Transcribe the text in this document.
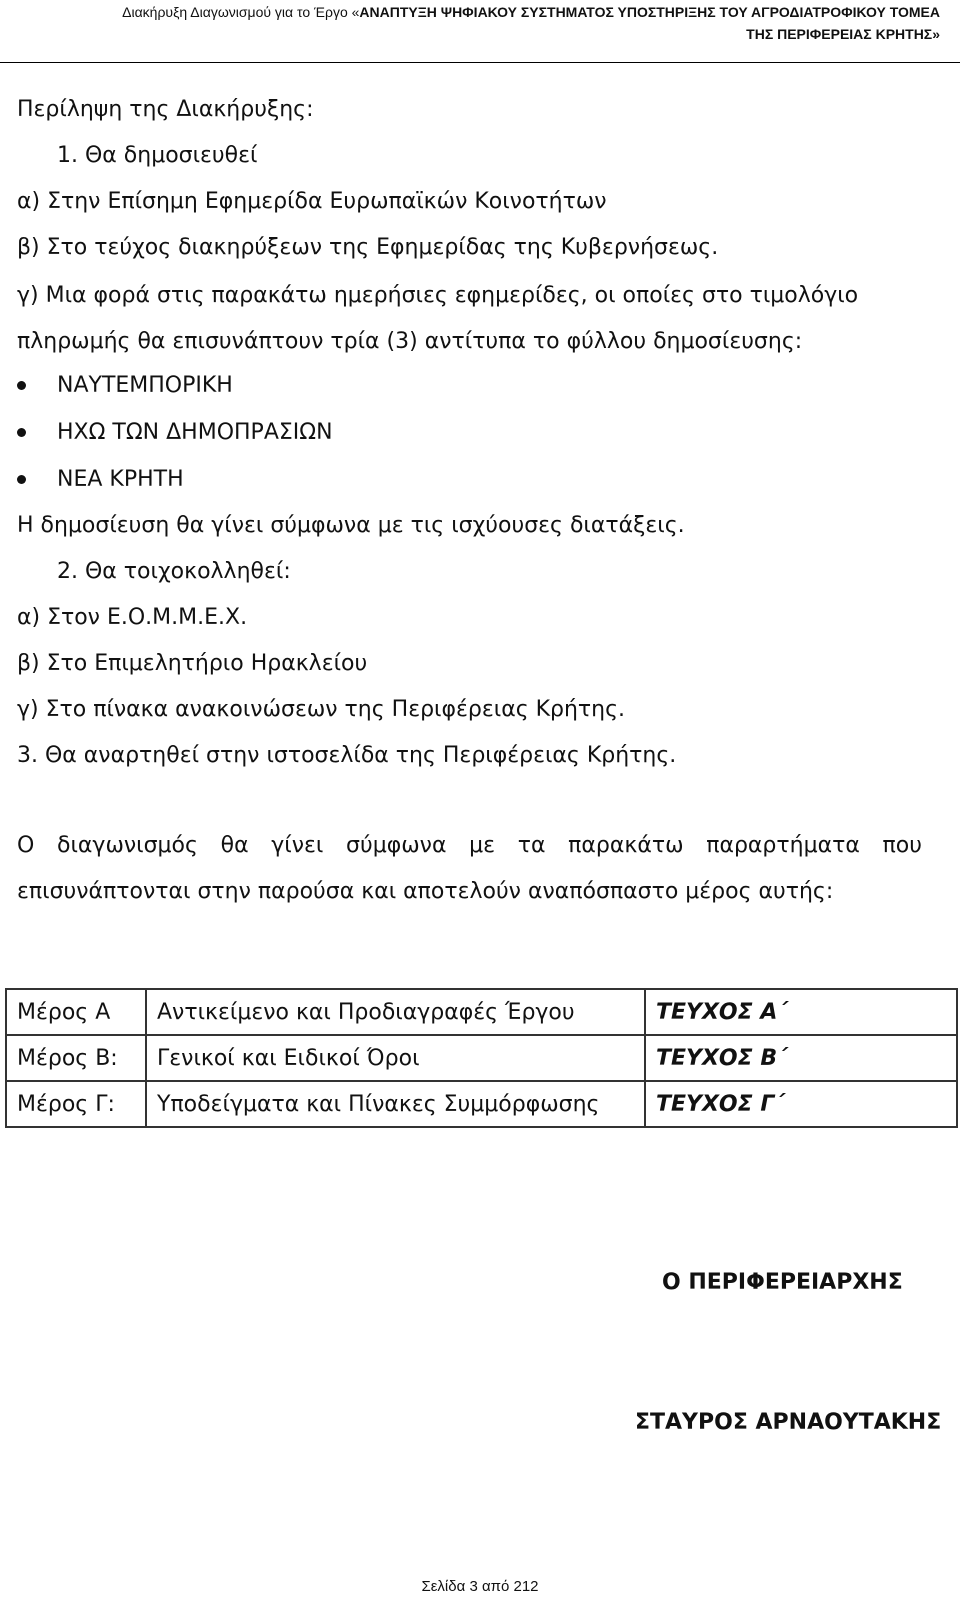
Διακήρυξη Διαγωνισμού για το Έργο «ΑΝΑΠΤΥΞΗ ΨΗΦΙΑΚΟΥ ΣΥΣΤΗΜΑΤΟΣ ΥΠΟΣΤΗΡΙΞΗΣ ΤΟΥ ΑΓΡΟΔΙΑΤΡΟΦΙΚΟΥ ΤΟΜΕΑ
ΤΗΣ ΠΕΡΙΦΕΡΕΙΑΣ ΚΡΗΤΗΣ»
Περίληψη της Διακήρυξης:
1. Θα δημοσιευθεί
α) Στην Επίσημη Εφημερίδα Ευρωπαϊκών Κοινοτήτων
β) Στο τεύχος διακηρύξεων της Εφημερίδας της Κυβερνήσεως.
γ) Μια φορά στις παρακάτω ημερήσιες εφημερίδες, οι οποίες στο τιμολόγιο
πληρωμής θα επισυνάπτουν τρία (3) αντίτυπα το φύλλου δημοσίευσης:
ΝΑΥΤΕΜΠΟΡΙΚΗ
ΗΧΩ ΤΩΝ ΔΗΜΟΠΡΑΣΙΩΝ
ΝΕΑ ΚΡΗΤΗ
Η δημοσίευση θα γίνει σύμφωνα με τις ισχύουσες διατάξεις.
2. Θα τοιχοκολληθεί:
α) Στον Ε.Ο.Μ.Μ.Ε.Χ.
β) Στο Επιμελητήριο Ηρακλείου
γ) Στο πίνακα ανακοινώσεων της Περιφέρειας Κρήτης.
3. Θα αναρτηθεί στην ιστοσελίδα της Περιφέρειας Κρήτης.
Ο διαγωνισμός θα γίνει σύμφωνα με τα παρακάτω παραρτήματα που
επισυνάπτονται στην παρούσα και αποτελούν αναπόσπαστο μέρος αυτής:
Μέρος Α	Αντικείμενο και Προδιαγραφές Έργου	ΤΕΥΧΟΣ Α΄
Μέρος Β:	Γενικοί και Ειδικοί Όροι	ΤΕΥΧΟΣ Β΄
Μέρος Γ:	Υποδείγματα και Πίνακες Συμμόρφωσης	ΤΕΥΧΟΣ Γ΄
Ο ΠΕΡΙΦΕΡΕΙΑΡΧΗΣ
ΣΤΑΥΡΟΣ ΑΡΝΑΟΥΤΑΚΗΣ
Σελίδα 3 από 212
